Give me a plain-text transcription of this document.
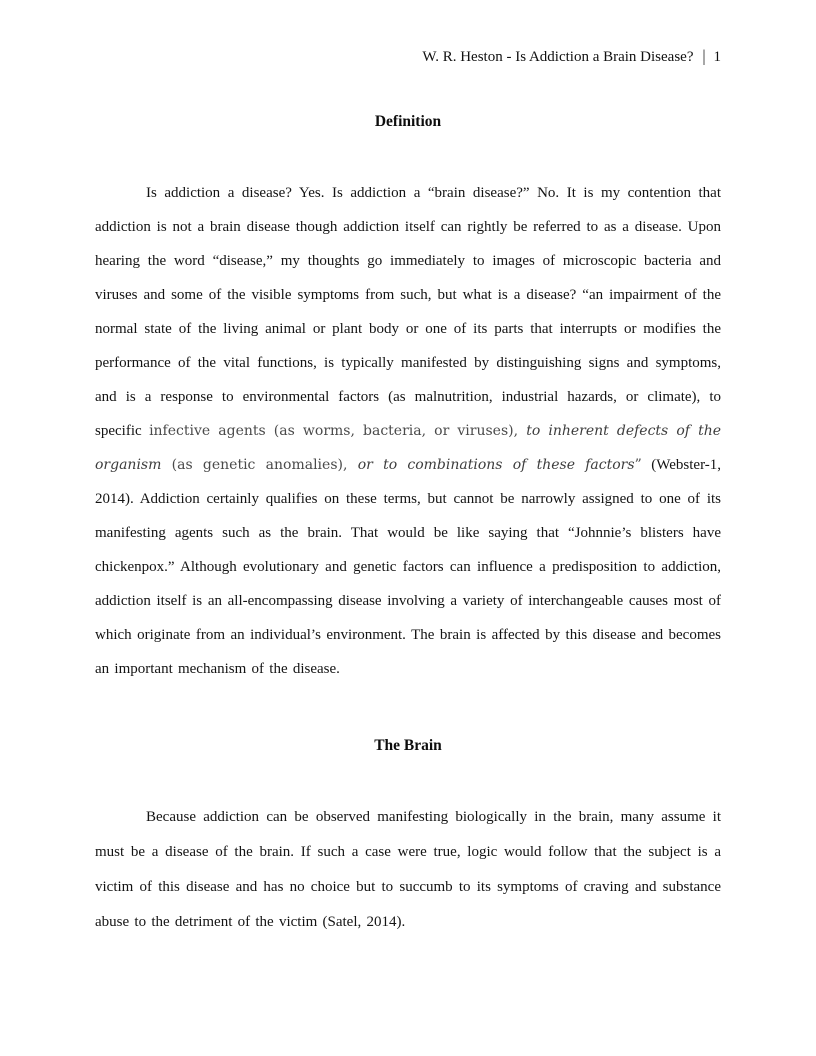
W. R. Heston - Is Addiction a Brain Disease? | 1
Definition

Is addiction a disease? Yes. Is addiction a “brain disease?” No. It is my contention that addiction is not a brain disease though addiction itself can rightly be referred to as a disease. Upon hearing the word “disease,” my thoughts go immediately to images of microscopic bacteria and viruses and some of the visible symptoms from such, but what is a disease? “an impairment of the normal state of the living animal or plant body or one of its parts that interrupts or modifies the performance of the vital functions, is typically manifested by distinguishing signs and symptoms, and is a response to environmental factors (as malnutrition, industrial hazards, or climate), to specific infective agents (as worms, bacteria, or viruses), to inherent defects of the organism (as genetic anomalies), or to combinations of these factors” (Webster-1, 2014). Addiction certainly qualifies on these terms, but cannot be narrowly assigned to one of its manifesting agents such as the brain. That would be like saying that “Johnnie’s blisters have chickenpox.” Although evolutionary and genetic factors can influence a predisposition to addiction, addiction itself is an all-encompassing disease involving a variety of interchangeable causes most of which originate from an individual’s environment. The brain is affected by this disease and becomes an important mechanism of the disease.

The Brain

Because addiction can be observed manifesting biologically in the brain, many assume it must be a disease of the brain. If such a case were true, logic would follow that the subject is a victim of this disease and has no choice but to succumb to its symptoms of craving and substance abuse to the detriment of the victim (Satel, 2014).
